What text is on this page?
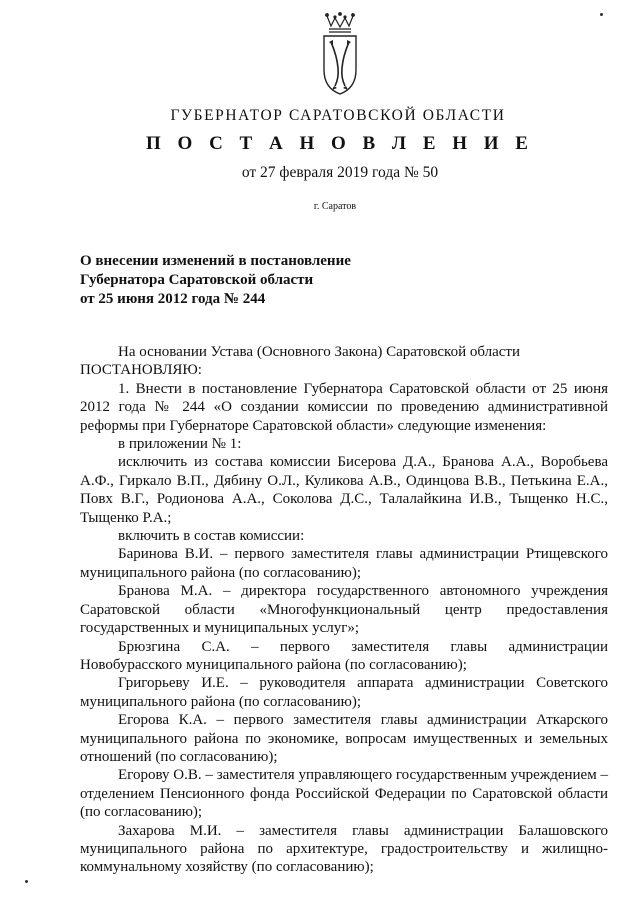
ГУБЕРНАТОР САРАТОВСКОЙ ОБЛАСТИ
П О С Т А Н О В Л Е Н И Е
от 27 февраля 2019 года № 50
г. Саратов
О внесении изменений в постановление
Губернатора Саратовской области
от 25 июня 2012 года № 244

На основании Устава (Основного Закона) Саратовской области

ПОСТАНОВЛЯЮ:

1. Внести в постановление Губернатора Саратовской области от 25 июня 2012 года № 244 «О создании комиссии по проведению административной реформы при Губернаторе Саратовской области» следующие изменения:

в приложении № 1:

исключить из состава комиссии Бисерова Д.А., Бранова А.А., Воробьева А.Ф., Гиркало В.П., Дябину О.Л., Куликова А.В., Одинцова В.В., Петькина Е.А., Повх В.Г., Родионова А.А., Соколова Д.С., Талалайкина И.В., Тыщенко Н.С., Тыщенко Р.А.;

включить в состав комиссии:

Баринова В.И. – первого заместителя главы администрации Ртищевского муниципального района (по согласованию);

Бранова М.А. – директора государственного автономного учреждения Саратовской области «Многофункциональный центр предоставления государственных и муниципальных услуг»;

Брюзгина С.А. – первого заместителя главы администрации Новобурасского муниципального района (по согласованию);

Григорьеву И.Е. – руководителя аппарата администрации Советского муниципального района (по согласованию);

Егорова К.А. – первого заместителя главы администрации Аткарского муниципального района по экономике, вопросам имущественных и земельных отношений (по согласованию);

Егорову О.В. – заместителя управляющего государственным учреждением – отделением Пенсионного фонда Российской Федерации по Саратовской области (по согласованию);

Захарова М.И. – заместителя главы администрации Балашовского муниципального района по архитектуре, градостроительству и жилищно-коммунальному хозяйству (по согласованию);
